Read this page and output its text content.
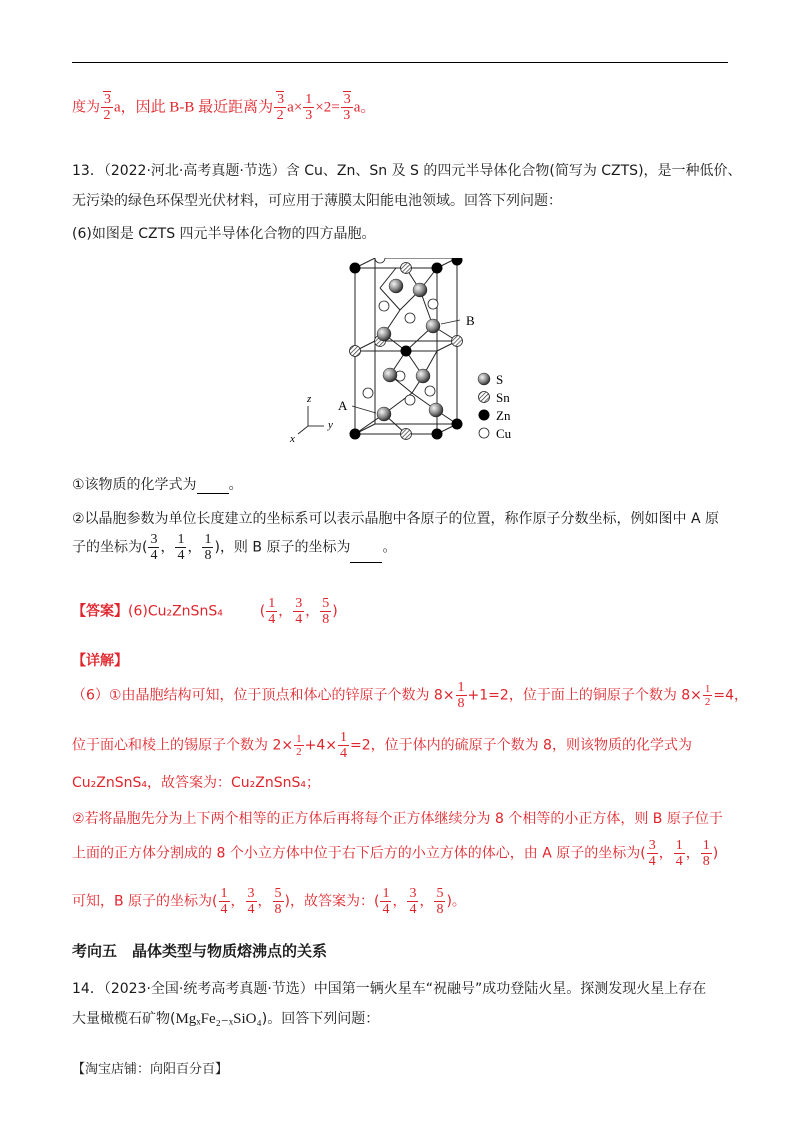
度为 $\frac{3}{2}$ a，因此 B-B 最近距离为 $\frac{3}{2} a\times \frac{1}{3} \times 2= \frac{3}{3}$ a。
13．（2022·河北·高考真题·节选）含 Cu、Zn、Sn 及 S 的四元半导体化合物(简写为 CZTS)，是一种低价、
无污染的绿色环保型光伏材料，可应用于薄膜太阳能电池领域。回答下列问题：
(6)如图是 CZTS 四元半导体化合物的四方晶胞。
B
A
z
y
x
S
Sn
Zn
Cu
①该物质的化学式为 。
②以晶胞参数为单位长度建立的坐标系可以表示晶胞中各原子的位置，称作原子分数坐标，例如图中 A 原
子的坐标为( $\frac{3}{4}$ ， $\frac{1}{4}$ ， $\frac{1}{8}$ )，则 B 原子的坐标为 。
【答案】(6)Cu₂ZnSnS₄	( $\frac{1}{4}$ ， $\frac{3}{4}$ ， $\frac{5}{8}$ )
【详解】
（6）①由晶胞结构可知，位于顶点和体心的锌原子个数为 $8\times \frac{1}{8} +1=2$，位于面上的铜原子个数为 $8\times \frac{1}{2} =4$，
位于面心和棱上的锡原子个数为 $2\times \frac{1}{2} +4\times \frac{1}{4} =2$，位于体内的硫原子个数为 8，则该物质的化学式为
Cu₂ZnSnS₄，故答案为：Cu₂ZnSnS₄；
②若将晶胞先分为上下两个相等的正方体后再将每个正方体继续分为 8 个相等的小正方体，则 B 原子位于
上面的正方体分割成的 8 个小立方体中位于右下后方的小立方体的体心，由 A 原子的坐标为( $\frac{3}{4}$ ， $\frac{1}{4}$ ， $\frac{1}{8}$ )
可知，B 原子的坐标为( $\frac{1}{4}$ ， $\frac{3}{4}$ ， $\frac{5}{8}$ )，故答案为：( $\frac{1}{4}$ ， $\frac{3}{4}$ ， $\frac{5}{8}$ )。
考向五　晶体类型与物质熔沸点的关系
14．（2023·全国·统考高考真题·节选）中国第一辆火星车“祝融号”成功登陆火星。探测发现火星上存在
大量橄榄石矿物(MgₓFe₂₋ₓSiO₄)。回答下列问题：
【淘宝店铺：向阳百分百】
